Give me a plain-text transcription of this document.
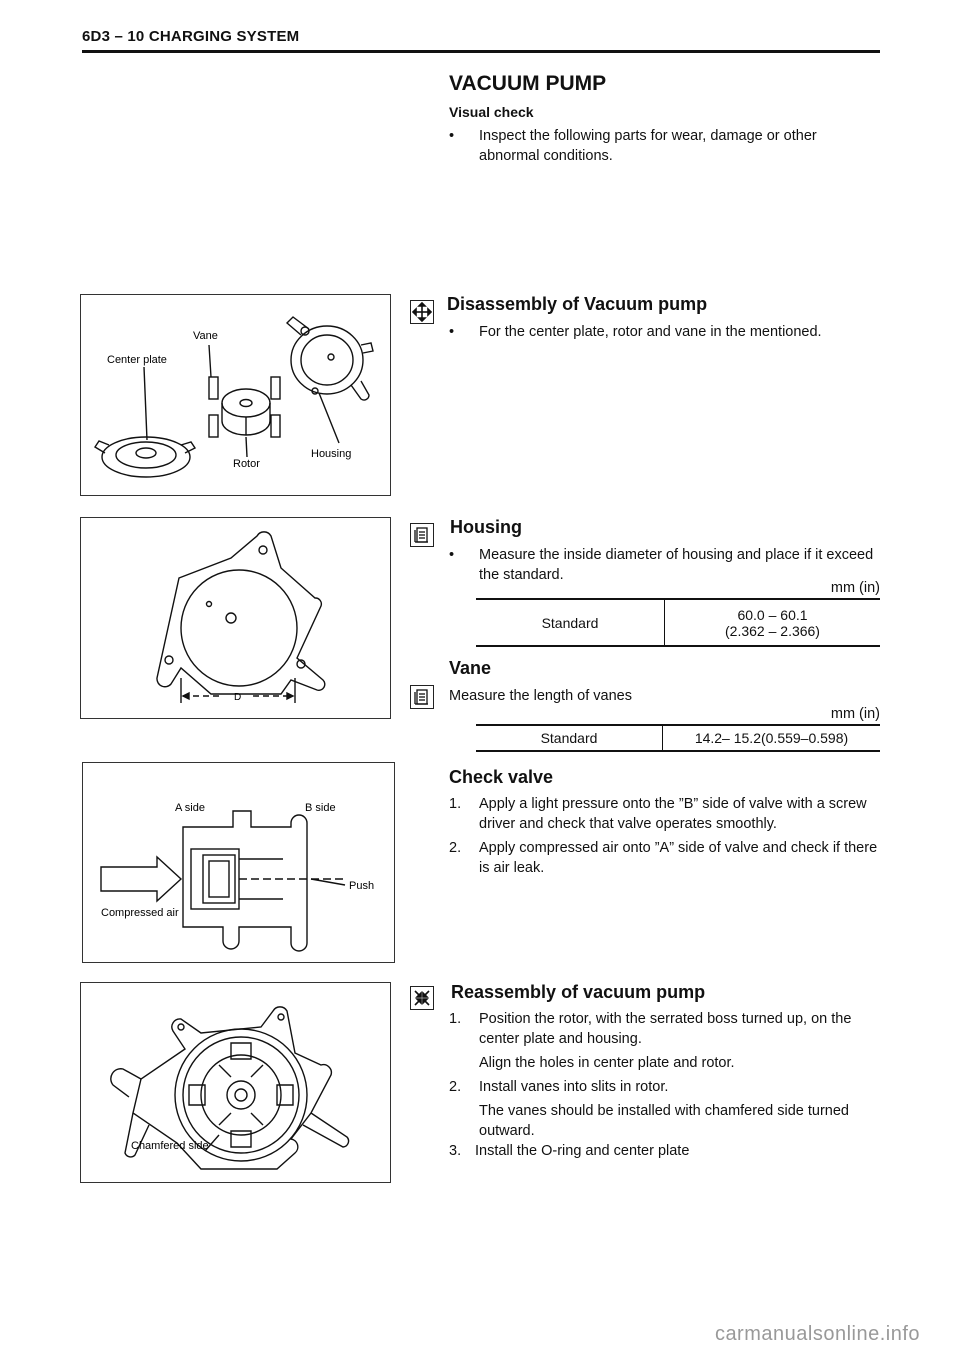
6D3 – 10 CHARGING SYSTEM
VACUUM PUMP
Visual check
• Inspect the following parts for wear, damage or other abnormal conditions.
Vane
Center plate
Rotor
Housing
Disassembly of Vacuum pump
• For the center plate, rotor and vane in the mentioned.
D
Housing
• Measure the inside diameter of housing and place if it exceed the standard.
mm (in)
Standard	60.0 – 60.1
(2.362 – 2.366)
Vane
Measure the length of vanes
mm (in)
Standard	14.2– 15.2(0.559–0.598)
A side	B side
Push
Compressed air
Check valve
1. Apply a light pressure onto the ”B” side of valve with a screw driver and check that valve operates smoothly.
2. Apply compressed air onto ”A” side of valve and check if there is air leak.
Chamfered side
Reassembly of vacuum pump
1. Position the rotor, with the serrated boss turned up, on the center plate and housing.
Align the holes in center plate and rotor.
2. Install vanes into slits in rotor.
The vanes should be installed with chamfered side turned outward.
3. Install the O-ring and center plate
carmanualsonline.info
